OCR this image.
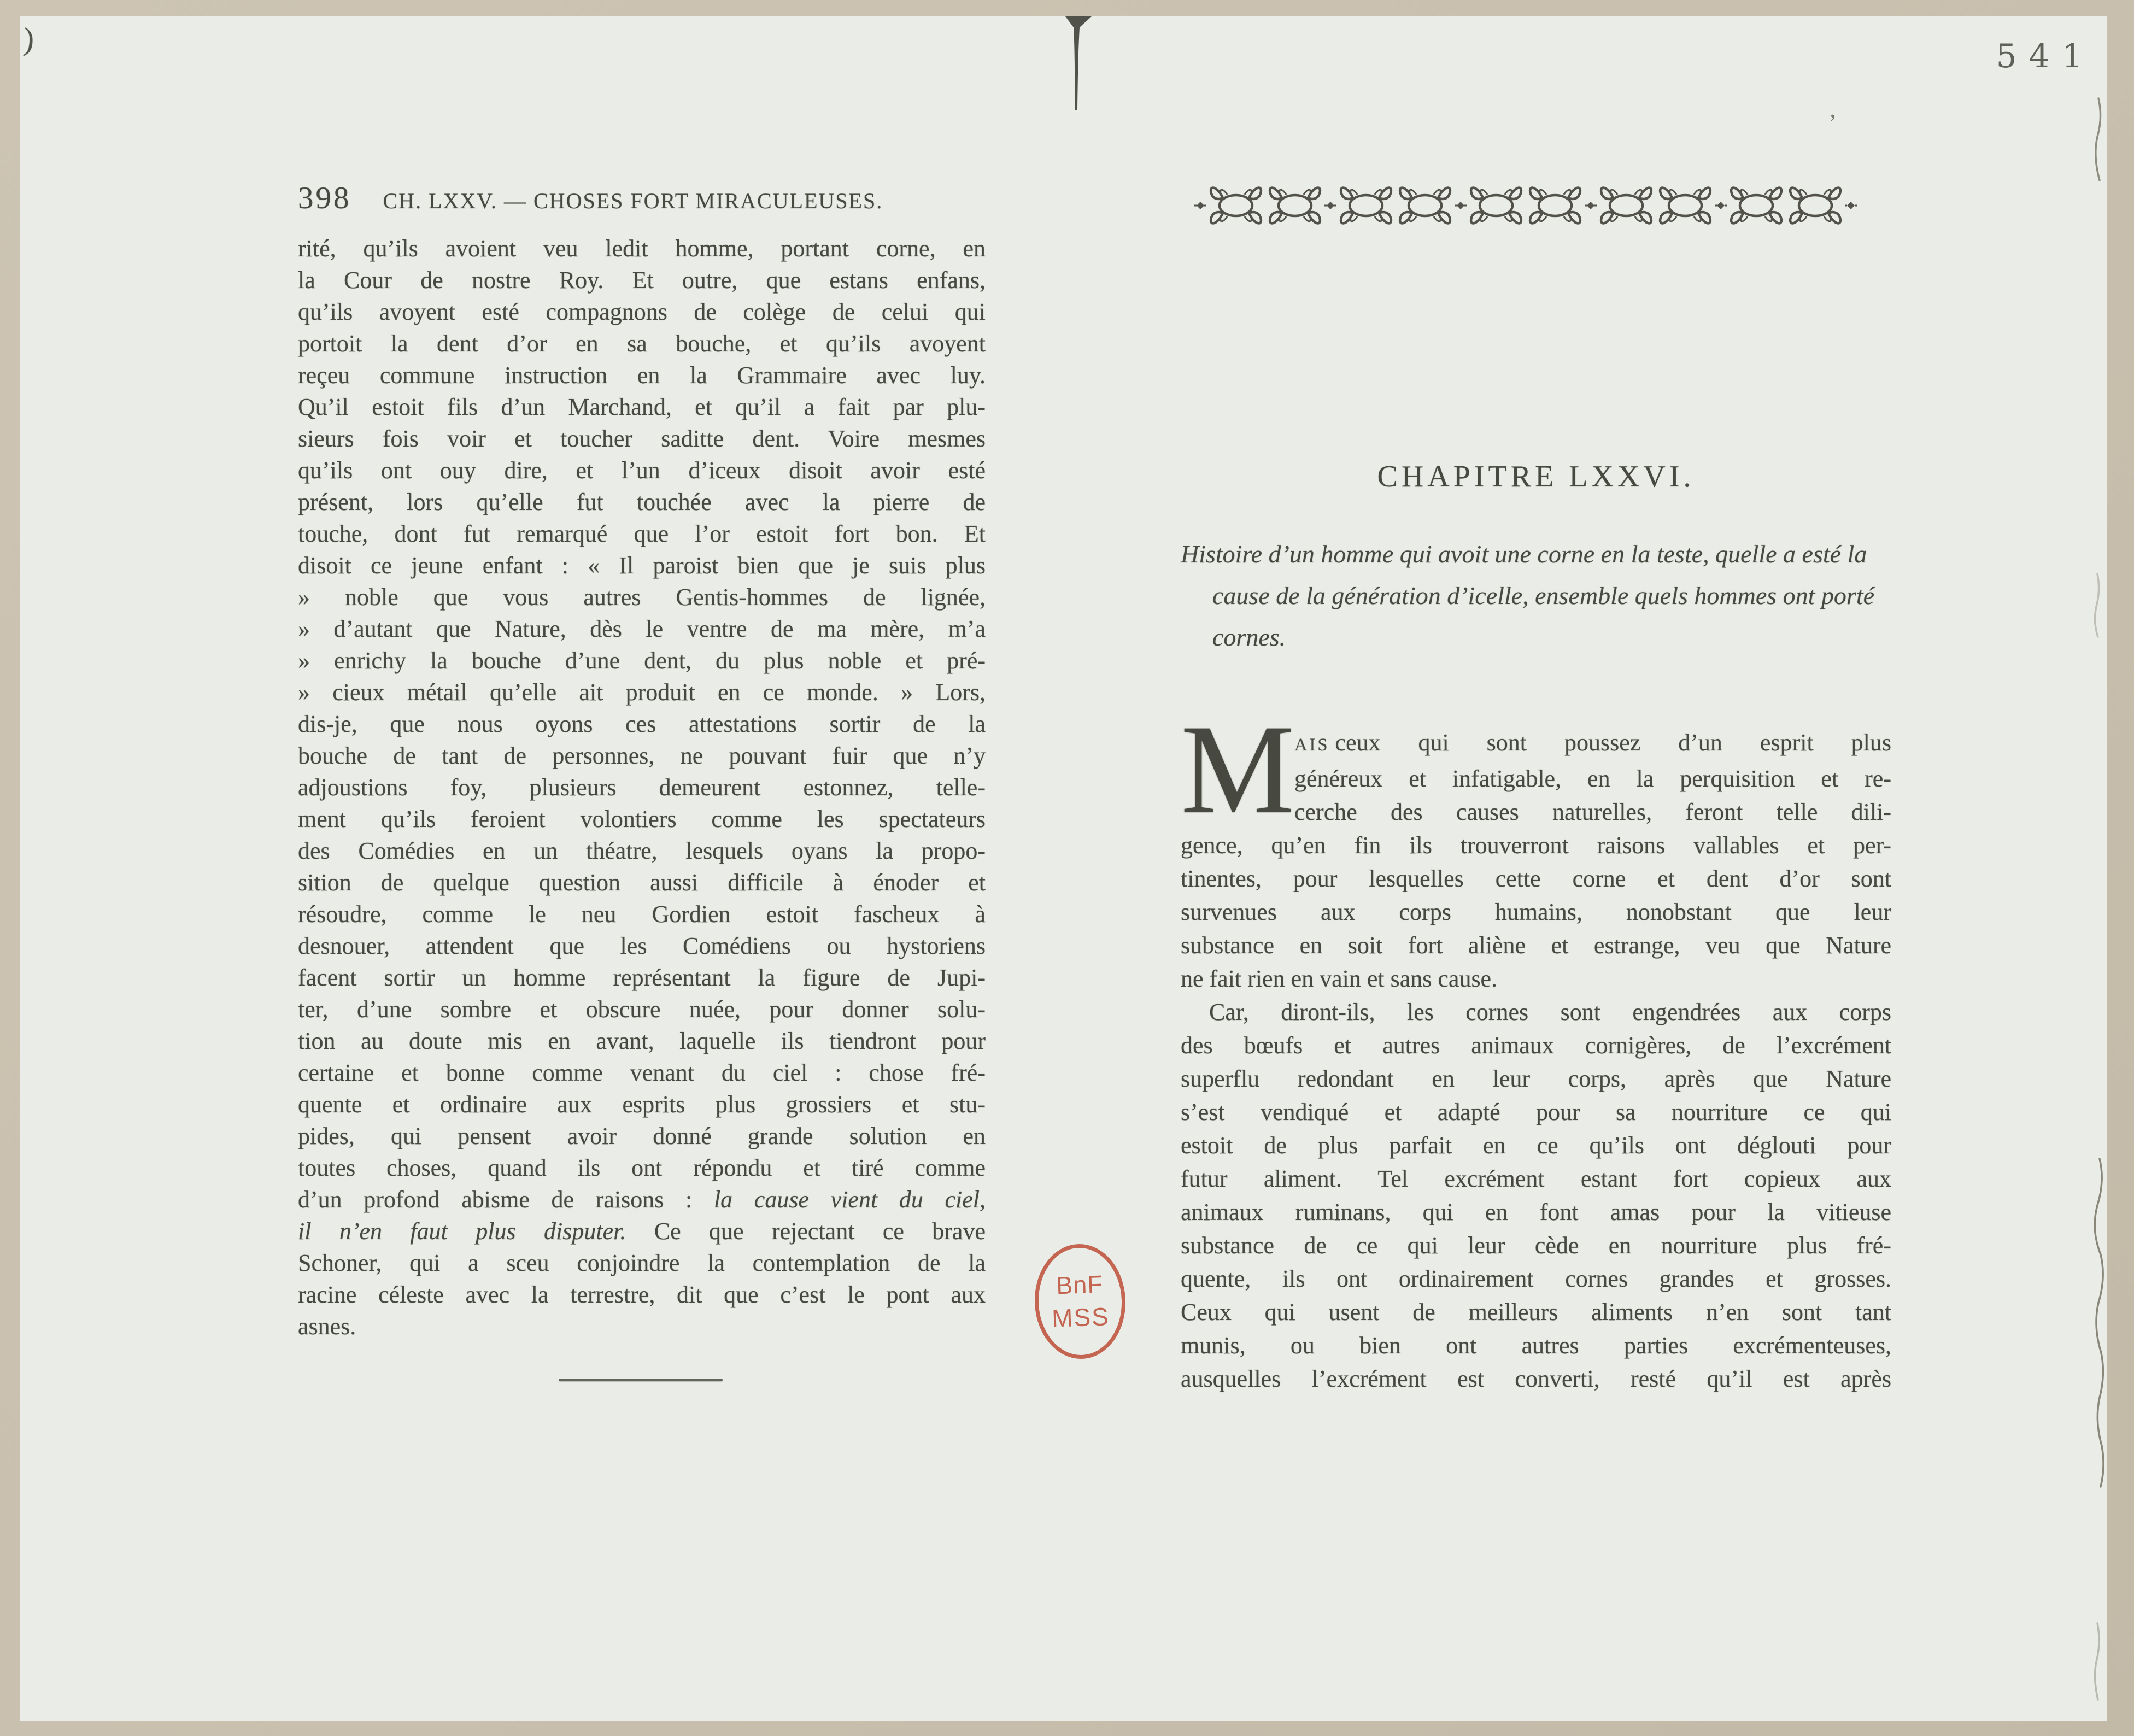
)	541
’
398 CH. LXXV. — CHOSES FORT MIRACULEUSES.
rité, qu’ils avoient veu ledit homme, portant corne, en
la Cour de nostre Roy. Et outre, que estans enfans,
qu’ils avoyent esté compagnons de colège de celui qui
portoit la dent d’or en sa bouche, et qu’ils avoyent
reçeu commune instruction en la Grammaire avec luy.
Qu’il estoit fils d’un Marchand, et qu’il a fait par plu-
sieurs fois voir et toucher saditte dent. Voire mesmes
qu’ils ont ouy dire, et l’un d’iceux disoit avoir esté
présent, lors qu’elle fut touchée avec la pierre de
touche, dont fut remarqué que l’or estoit fort bon. Et
disoit ce jeune enfant : « Il paroist bien que je suis plus
» noble que vous autres Gentis-hommes de lignée,
» d’autant que Nature, dès le ventre de ma mère, m’a
» enrichy la bouche d’une dent, du plus noble et pré-
» cieux métail qu’elle ait produit en ce monde. » Lors,
dis-je, que nous oyons ces attestations sortir de la
bouche de tant de personnes, ne pouvant fuir que n’y
adjoustions foy, plusieurs demeurent estonnez, telle-
ment qu’ils feroient volontiers comme les spectateurs
des Comédies en un théatre, lesquels oyans la propo-
sition de quelque question aussi difficile à énoder et
résoudre, comme le neu Gordien estoit fascheux à
desnouer, attendent que les Comédiens ou hystoriens
facent sortir un homme représentant la figure de Jupi-
ter, d’une sombre et obscure nuée, pour donner solu-
tion au doute mis en avant, laquelle ils tiendront pour
certaine et bonne comme venant du ciel : chose fré-
quente et ordinaire aux esprits plus grossiers et stu-
pides, qui pensent avoir donné grande solution en
toutes choses, quand ils ont répondu et tiré comme
d’un profond abisme de raisons : la cause vient du ciel,
il n’en faut plus disputer. Ce que rejectant ce brave
Schoner, qui a sceu conjoindre la contemplation de la
racine céleste avec la terrestre, dit que c’est le pont aux
asnes.
CHAPITRE LXXVI.
Histoire d’un homme qui avoit une corne en la teste, quelle a esté la cause de la génération d’icelle, ensemble quels hommes ont porté cornes.
M AIS ceux qui sont poussez d’un esprit plus
généreux et infatigable, en la perquisition et re-
cerche des causes naturelles, feront telle dili-
gence, qu’en fin ils trouverront raisons vallables et per-
tinentes, pour lesquelles cette corne et dent d’or sont
survenues aux corps humains, nonobstant que leur
substance en soit fort aliène et estrange, veu que Nature
ne fait rien en vain et sans cause.
Car, diront-ils, les cornes sont engendrées aux corps
des bœufs et autres animaux cornigères, de l’excrément
superflu redondant en leur corps, après que Nature
s’est vendiqué et adapté pour sa nourriture ce qui
estoit de plus parfait en ce qu’ils ont déglouti pour
futur aliment. Tel excrément estant fort copieux aux
animaux ruminans, qui en font amas pour la vitieuse
substance de ce qui leur cède en nourriture plus fré-
quente, ils ont ordinairement cornes grandes et grosses.
Ceux qui usent de meilleurs aliments n’en sont tant
munis, ou bien ont autres parties excrémenteuses,
ausquelles l’excrément est converti, resté qu’il est après
BnF
MSS
